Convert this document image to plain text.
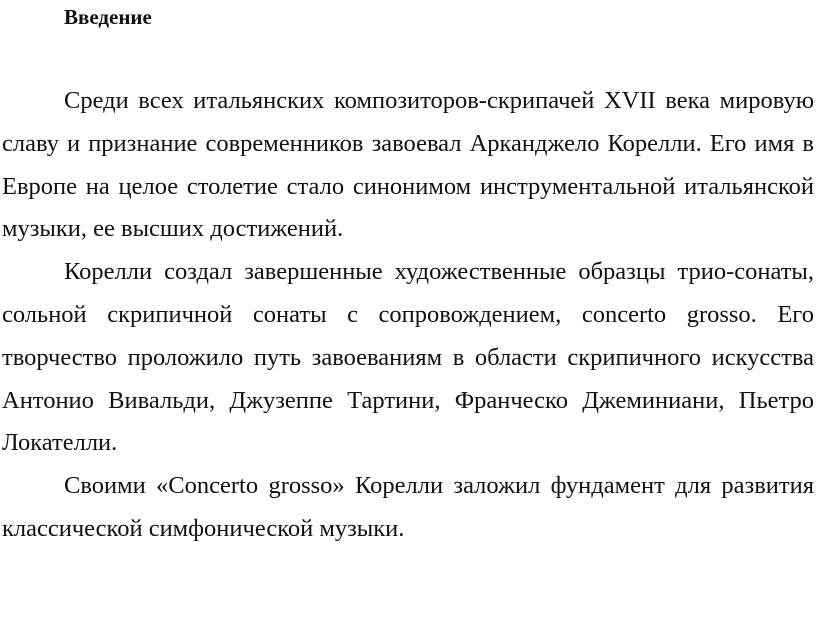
Введение

Среди всех итальянских композиторов-скрипачей XVII века мировую славу и признание современников завоевал Арканджело Корелли. Его имя в Европе на целое столетие стало синонимом инструментальной итальянской музыки, ее высших достижений.

Корелли создал завершенные художественные образцы трио-сонаты, сольной скрипичной сонаты с сопровождением, concerto grosso. Его творчество проложило путь завоеваниям в области скрипичного искусства Антонио Вивальди, Джузеппе Тартини, Франческо Джеминиани, Пьетро Локателли.

Своими «Concerto grosso» Корелли заложил фундамент для развития классической симфонической музыки.
